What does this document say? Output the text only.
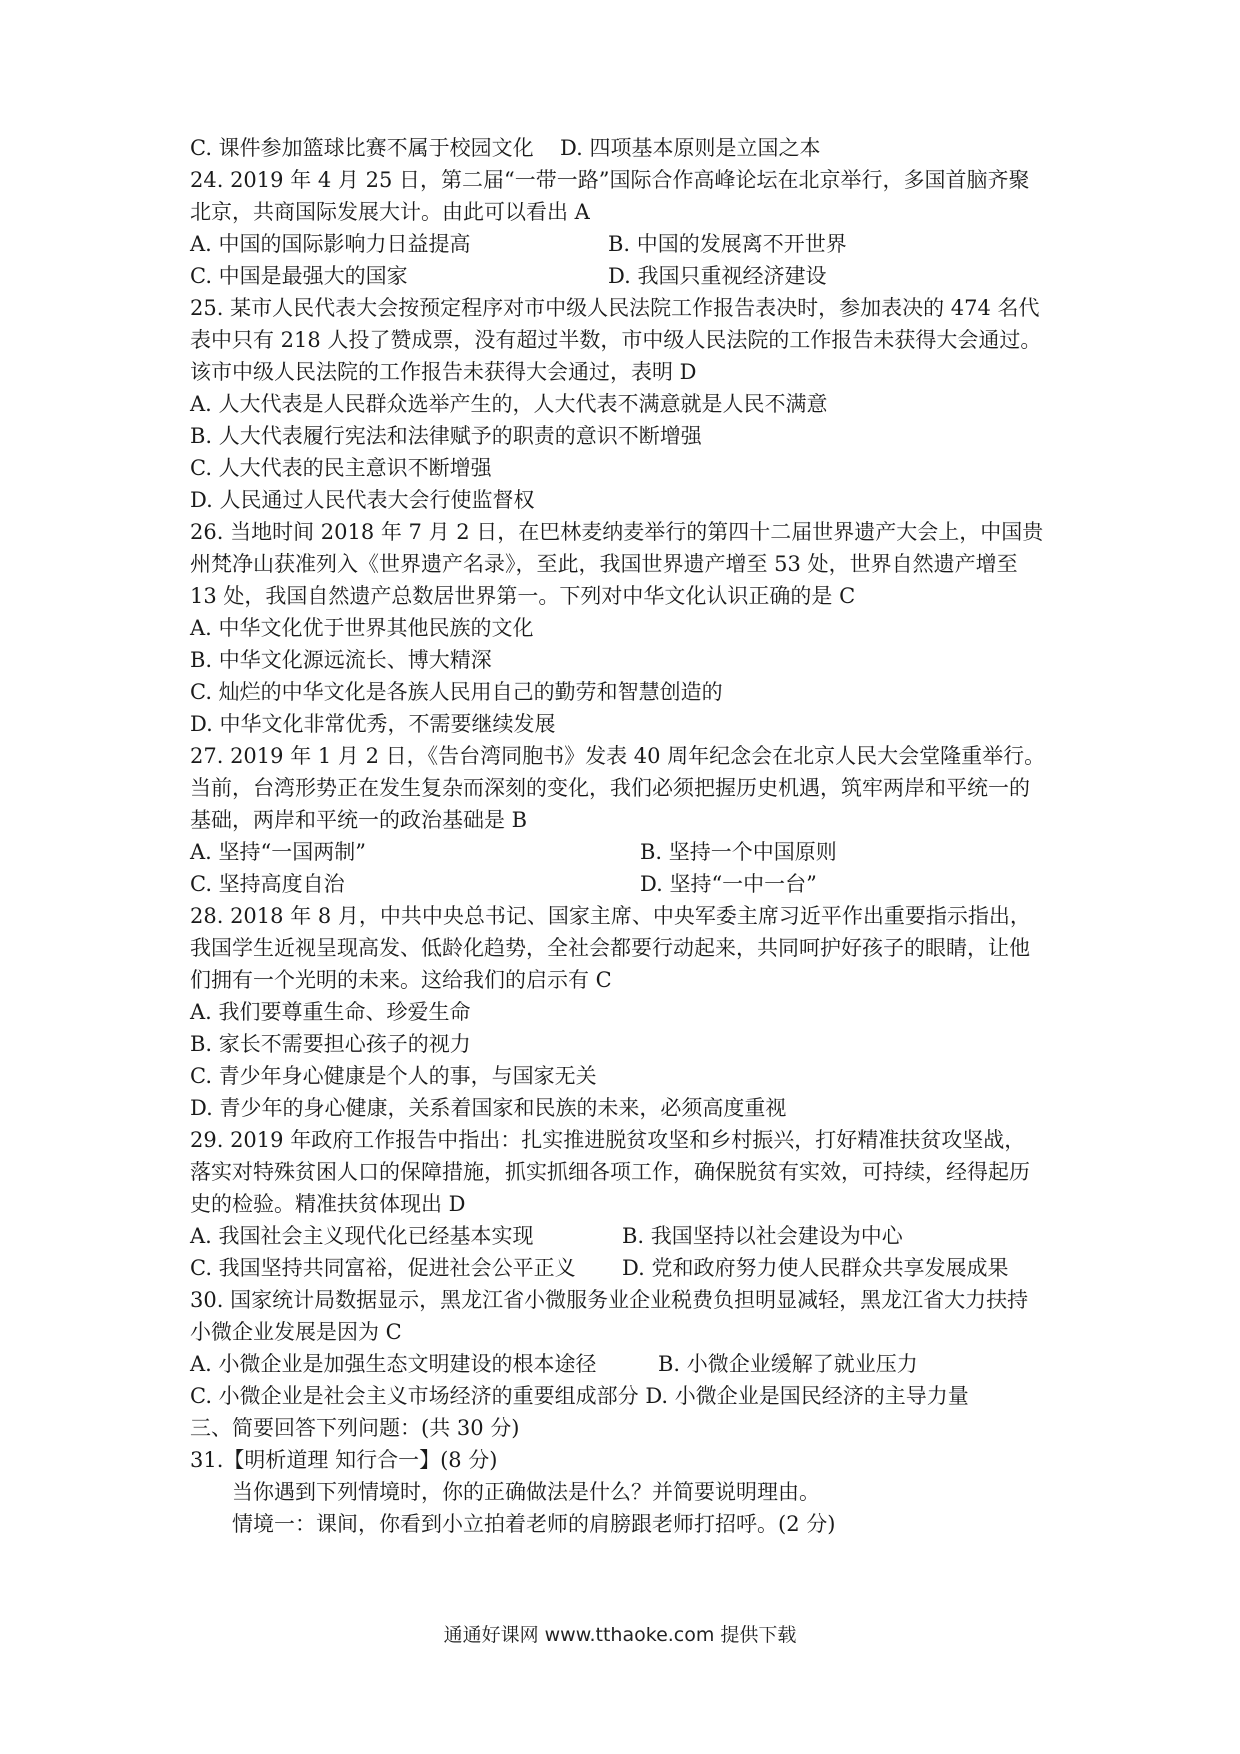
C. 课件参加篮球比赛不属于校园文化 D. 四项基本原则是立国之本
24. 2019 年 4 月 25 日，第二届“一带一路”国际合作高峰论坛在北京举行，多国首脑齐聚
北京，共商国际发展大计。由此可以看出 A
A. 中国的国际影响力日益提高	B. 中国的发展离不开世界
C. 中国是最强大的国家	D. 我国只重视经济建设
25. 某市人民代表大会按预定程序对市中级人民法院工作报告表决时，参加表决的 474 名代
表中只有 218 人投了赞成票，没有超过半数，市中级人民法院的工作报告未获得大会通过。
该市中级人民法院的工作报告未获得大会通过，表明 D
A. 人大代表是人民群众选举产生的，人大代表不满意就是人民不满意
B. 人大代表履行宪法和法律赋予的职责的意识不断增强
C. 人大代表的民主意识不断增强
D. 人民通过人民代表大会行使监督权
26. 当地时间 2018 年 7 月 2 日，在巴林麦纳麦举行的第四十二届世界遗产大会上，中国贵
州梵净山获准列入《世界遗产名录》，至此，我国世界遗产增至 53 处，世界自然遗产增至
13 处，我国自然遗产总数居世界第一。下列对中华文化认识正确的是 C
A. 中华文化优于世界其他民族的文化
B. 中华文化源远流长、博大精深
C. 灿烂的中华文化是各族人民用自己的勤劳和智慧创造的
D. 中华文化非常优秀，不需要继续发展
27. 2019 年 1 月 2 日，《告台湾同胞书》发表 40 周年纪念会在北京人民大会堂隆重举行。
当前，台湾形势正在发生复杂而深刻的变化，我们必须把握历史机遇，筑牢两岸和平统一的
基础，两岸和平统一的政治基础是 B
A. 坚持“一国两制”	B. 坚持一个中国原则
C. 坚持高度自治	D. 坚持“一中一台”
28. 2018 年 8 月，中共中央总书记、国家主席、中央军委主席习近平作出重要指示指出，
我国学生近视呈现高发、低龄化趋势，全社会都要行动起来，共同呵护好孩子的眼睛，让他
们拥有一个光明的未来。这给我们的启示有 C
A. 我们要尊重生命、珍爱生命
B. 家长不需要担心孩子的视力
C. 青少年身心健康是个人的事，与国家无关
D. 青少年的身心健康，关系着国家和民族的未来，必须高度重视
29. 2019 年政府工作报告中指出：扎实推进脱贫攻坚和乡村振兴，打好精准扶贫攻坚战，
落实对特殊贫困人口的保障措施，抓实抓细各项工作，确保脱贫有实效，可持续，经得起历
史的检验。精准扶贫体现出 D
A. 我国社会主义现代化已经基本实现	B. 我国坚持以社会建设为中心
C. 我国坚持共同富裕，促进社会公平正义 D. 党和政府努力使人民群众共享发展成果
30. 国家统计局数据显示，黑龙江省小微服务业企业税费负担明显减轻，黑龙江省大力扶持
小微企业发展是因为 C
A. 小微企业是加强生态文明建设的根本途径	B. 小微企业缓解了就业压力
C. 小微企业是社会主义市场经济的重要组成部分 D. 小微企业是国民经济的主导力量
三、简要回答下列问题：(共 30 分)
31.【明析道理 知行合一】(8 分)
当你遇到下列情境时，你的正确做法是什么？并简要说明理由。
情境一：课间，你看到小立拍着老师的肩膀跟老师打招呼。(2 分)
通通好课网 www.tthaoke.com 提供下载
